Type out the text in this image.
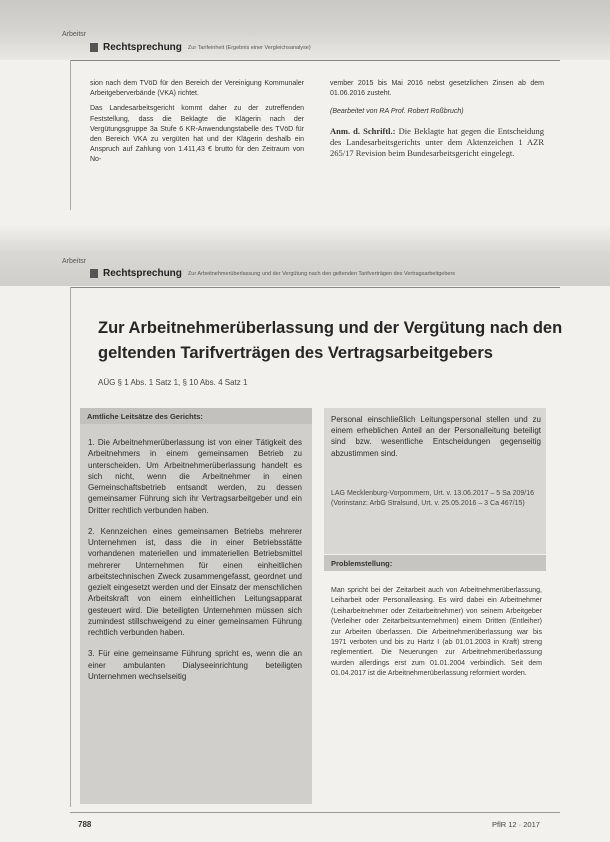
Arbeitsr
Rechtsprechung Zur Tarifeinheit (Ergebnis einer Vergleichsanalyse)

sion nach dem TVöD für den Bereich der Vereinigung Kommunaler Arbeitgeberverbände (VKA) richtet.

Das Landesarbeitsgericht kommt daher zu der zutreffenden Feststellung, dass die Beklagte die Klägerin nach der Vergütungsgruppe 3a Stufe 6 KR-Anwendungstabelle des TVöD für den Bereich VKA zu vergüten hat und der Klägerin deshalb ein Anspruch auf Zahlung von 1.411,43 € brutto für den Zeitraum von No-

vember 2015 bis Mai 2016 nebst gesetzlichen Zinsen ab dem 01.06.2016 zusteht.

(Bearbeitet von RA Prof. Robert Roßbruch)

Anm. d. Schriftl.: Die Beklagte hat gegen die Entscheidung des Landesarbeitsgerichts unter dem Aktenzeichen 1 AZR 265/17 Revision beim Bundesarbeitsgericht eingelegt.

Arbeitsr
Rechtsprechung Zur Arbeitnehmerüberlassung und der Vergütung nach den geltenden Tarifverträgen des Vertragsarbeitgebers
Zur Arbeitnehmerüberlassung und der Vergütung nach den geltenden Tarifverträgen des Vertragsarbeitgebers
AÜG § 1 Abs. 1 Satz 1, § 10 Abs. 4 Satz 1
Amtliche Leitsätze des Gerichts:

1. Die Arbeitnehmerüberlassung ist von einer Tätigkeit des Arbeitnehmers in einem gemeinsamen Betrieb zu unterscheiden. Um Arbeitnehmerüberlassung handelt es sich nicht, wenn die Arbeitnehmer in einen Gemeinschaftsbetrieb entsandt werden, zu dessen gemeinsamer Führung sich ihr Vertragsarbeitgeber und ein Dritter rechtlich verbunden haben.

2. Kennzeichen eines gemeinsamen Betriebs mehrerer Unternehmen ist, dass die in einer Betriebsstätte vorhandenen materiellen und immateriellen Betriebsmittel mehrerer Unternehmen für einen einheitlichen arbeitstechnischen Zweck zusammengefasst, geordnet und gezielt eingesetzt werden und der Einsatz der menschlichen Arbeitskraft von einem einheitlichen Leitungsapparat gesteuert wird. Die beteiligten Unternehmen müssen sich zumindest stillschweigend zu einer gemeinsamen Führung rechtlich verbunden haben.

3. Für eine gemeinsame Führung spricht es, wenn die an einer ambulanten Dialyseeinrichtung beteiligten Unternehmen wechselseitig

Personal einschließlich Leitungspersonal stellen und zu einem erheblichen Anteil an der Personalleitung beteiligt sind bzw. wesentliche Entscheidungen gegenseitig abzustimmen sind.
LAG Mecklenburg-Vorpommern, Urt. v. 13.06.2017 – 5 Sa 209/16 (Vorinstanz: ArbG Stralsund, Urt. v. 25.05.2016 – 3 Ca 467/15)
Problemstellung:
Man spricht bei der Zeitarbeit auch von Arbeitnehmerüberlassung, Leiharbeit oder Personalleasing. Es wird dabei ein Arbeitnehmer (Leiharbeitnehmer oder Zeitarbeitnehmer) von seinem Arbeitgeber (Verleiher oder Zeitarbeitsunternehmen) einem Dritten (Entleiher) zur Arbeiten überlassen. Die Arbeitnehmerüberlassung war bis 1971 verboten und bis zu Hartz I (ab 01.01.2003 in Kraft) streng reglementiert. Die Neuerungen zur Arbeitnehmerüberlassung wurden allerdings erst zum 01.01.2004 verbindlich. Seit dem 01.04.2017 ist die Arbeitnehmerüberlassung reformiert worden.
788	PflR 12 · 2017
